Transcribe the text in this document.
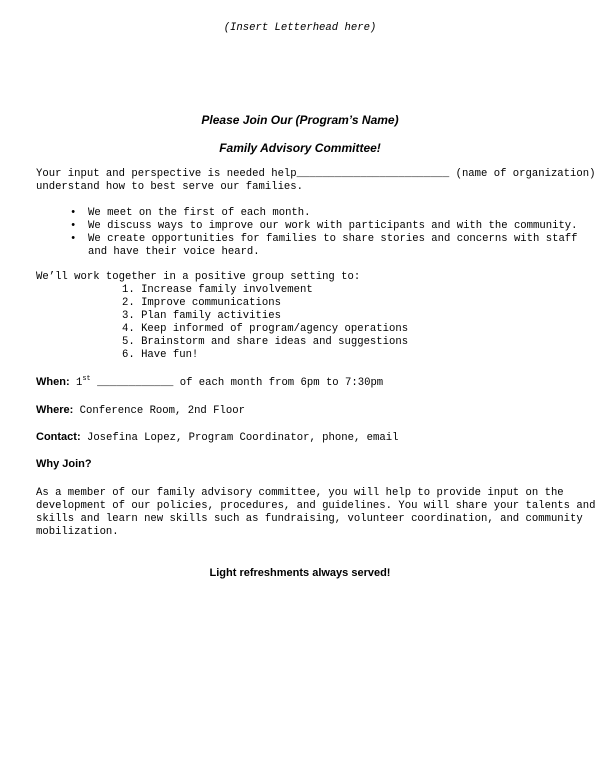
(Insert Letterhead here)
Please Join Our (Program’s Name)
Family Advisory Committee!
Your input and perspective is needed help________________________ (name of organization)
understand how to best serve our families.
• We meet on the first of each month.
• We discuss ways to improve our work with participants and with the community.
• We create opportunities for families to share stories and concerns with staff and have their voice heard.
We’ll work together in a positive group setting to:
1. Increase family involvement
2. Improve communications
3. Plan family activities
4. Keep informed of program/agency operations
5. Brainstorm and share ideas and suggestions
6. Have fun!
When: 1st ____________ of each month from 6pm to 7:30pm
Where: Conference Room, 2nd Floor
Contact: Josefina Lopez, Program Coordinator, phone, email
Why Join?
As a member of our family advisory committee, you will help to provide input on the
development of our policies, procedures, and guidelines. You will share your talents and
skills and learn new skills such as fundraising, volunteer coordination, and community
mobilization.
Light refreshments always served!
